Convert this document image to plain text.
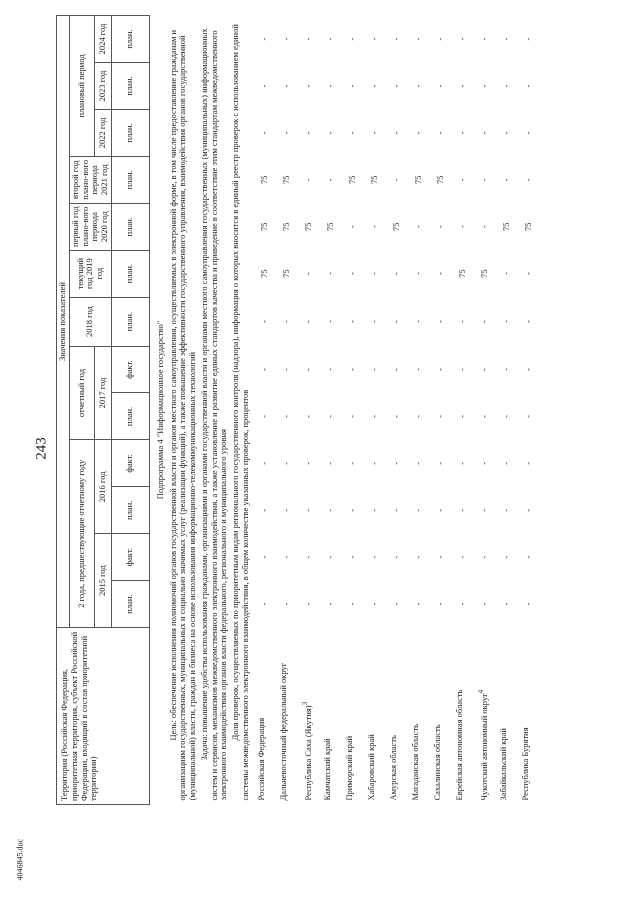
243
4046845.doc
Территория (Российская Федерация, приоритетная территория, субъект Российской Федерации, входящий в состав приоритетной территории)	Значения показателей												
	2 года, предшествующие отчетному году				отчетный год		2018 год	текущий год 2019 год	первый год плано-вого периода 2020 год	второй год плано-вого периода 2021 год	плановый период		
	2015 год		2016 год		2017 год						2022 год	2023 год	2024 год
	план.	факт.	план.	факт.	план.	факт.	план.	план.	план.	план.	план.	план.	план.
Подпрограмма 4 "Информационное государство"													
Цель: обеспечение исполнения полномочий органов государственной власти и органов местного самоуправления, осуществляемых в электронной форме, в том числе предоставление гражданам и организациям государственных, муниципальных и социально значимых услуг (реализации функций), а также повышение эффективности государственного управления, взаимодействия органов государственной (муниципальной) власти, граждан и бизнеса на основе использования информационно-телекоммуникационных технологий													
Задача: повышение удобства использования гражданами, организациями и органами государственной власти и органами местного самоуправления государственных (муниципальных) информационных систем и сервисов, механизмов межведомственного электронного взаимодействия, а также установление и развитие единых стандартов качества и приведение в соответствие этим стандартам межведомственного электронного взаимодействия органов власти федерального, регионального и муниципального уровня													
Доля проверок, осуществляемых по приоритетным видам регионального государственного контроля (надзора), информация о которых вносится в единый реестр проверок с использованием единой системы межведомственного электронного взаимодействия, в общем количестве указанных проверок, процентов													
Российская Федерация	-	-	-	-	-	-	-	75	75	75	-	-	-
Дальневосточный федеральный округ	-	-	-	-	-	-	-	75	75	75	-	-	-
Республика Саха (Якутия)$^3$	-	-	-	-	-	-	-	-	75	-	-	-	-
Камчатский край	-	-	-	-	-	-	-	-	75	-	-	-	-
Приморский край	-	-	-	-	-	-	-	-	-	75	-	-	-
Хабаровский край	-	-	-	-	-	-	-	-	-	75	-	-	-
Амурская область	-	-	-	-	-	-	-	-	75	-	-	-	-
Магаданская область	-	-	-	-	-	-	-	-	-	75	-	-	-
Сахалинская область	-	-	-	-	-	-	-	-	-	75	-	-	-
Еврейская автономная область	-	-	-	-	-	-	-	75	-	-	-	-	-
Чукотский автономный округ$^4$	-	-	-	-	-	-	-	75	-	-	-	-	-
Забайкальский край	-	-	-	-	-	-	-	-	75	-	-	-	-
Республика Бурятия	-	-	-	-	-	-	-	-	75	-	-	-	-
